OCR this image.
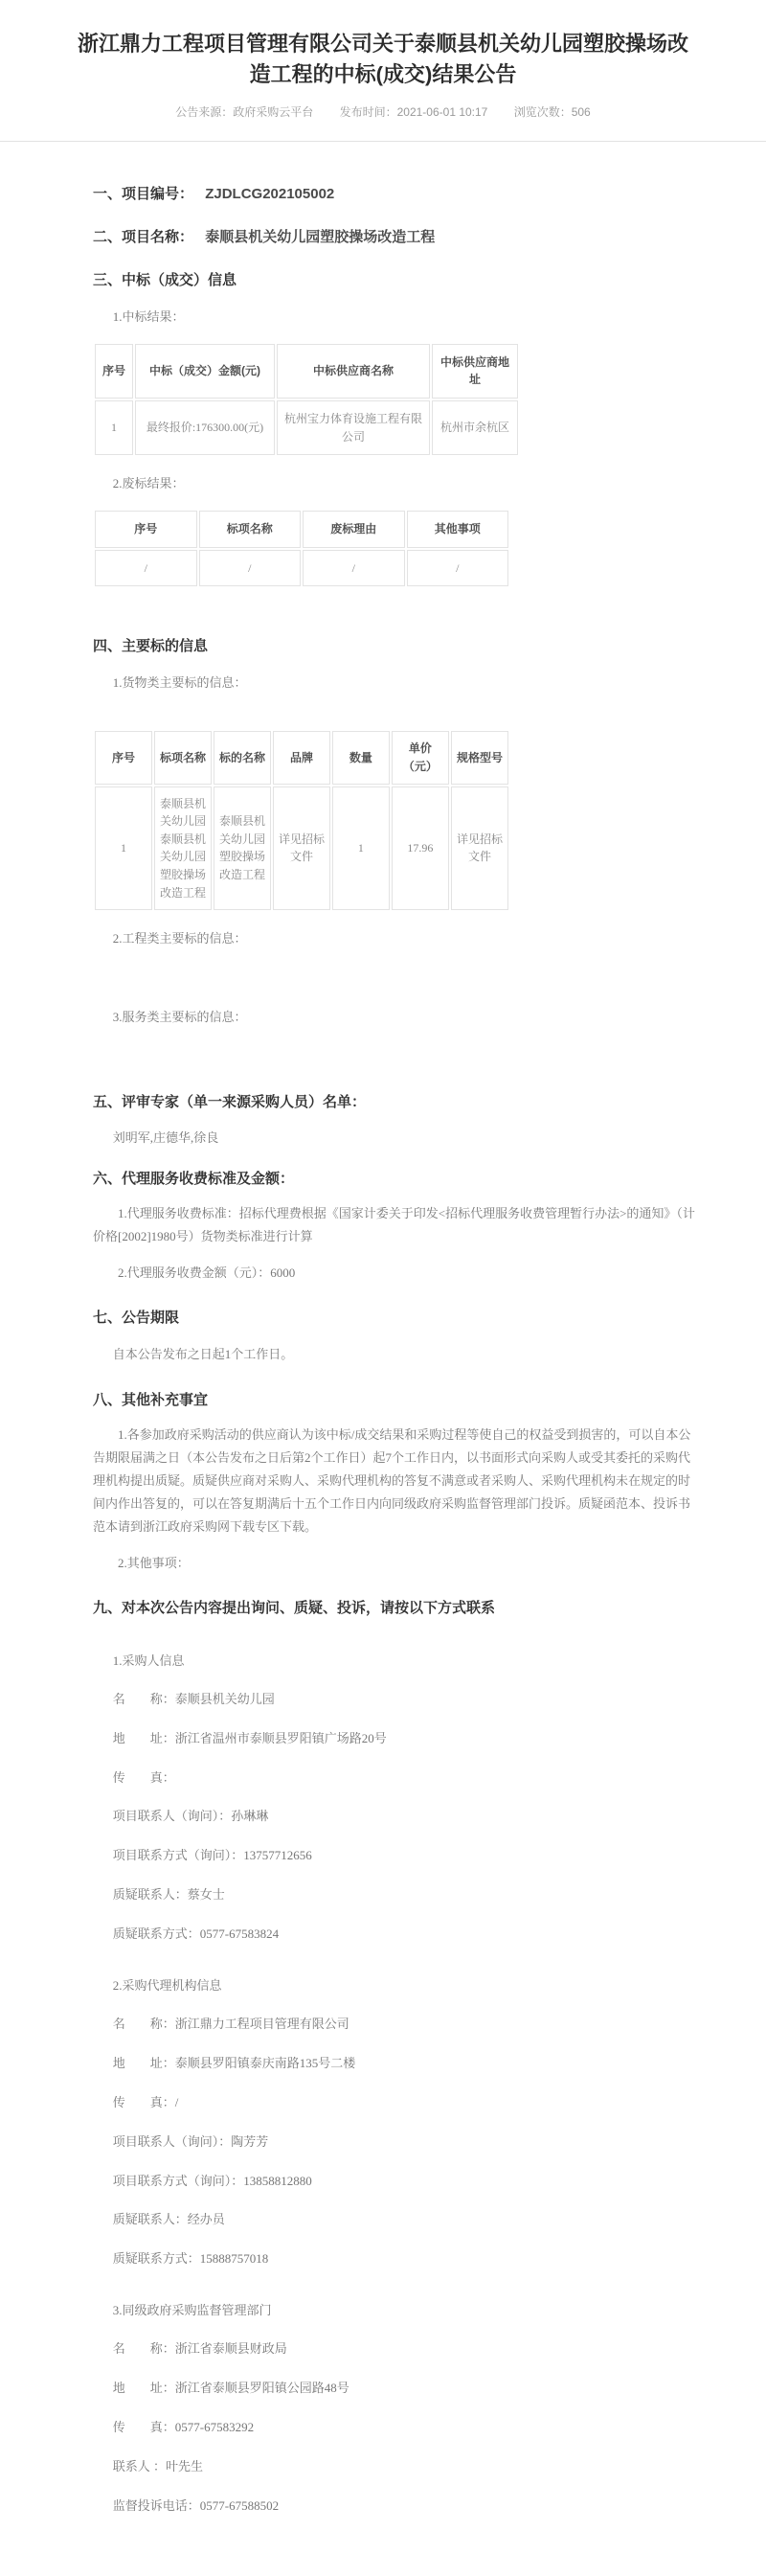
浙江鼎力工程项目管理有限公司关于泰顺县机关幼儿园塑胶操场改造工程的中标(成交)结果公告
公告来源：政府采购云平台 发布时间：2021-06-01 10:17 浏览次数：506
一、项目编号： ZJDLCG202105002
二、项目名称： 泰顺县机关幼儿园塑胶操场改造工程
三、中标（成交）信息
1.中标结果：
序号	中标（成交）金额(元)	中标供应商名称	中标供应商地址
1	最终报价:176300.00(元)	杭州宝力体育设施工程有限公司	杭州市余杭区
2.废标结果：
序号	标项名称	废标理由	其他事项
/	/	/	/
四、主要标的信息
1.货物类主要标的信息：
序号	标项名称	标的名称	品牌	数量	单价（元）	规格型号
1	泰顺县机关幼儿园泰顺县机关幼儿园塑胶操场改造工程	泰顺县机关幼儿园塑胶操场改造工程	详见招标文件	1	17.96	详见招标文件
2.工程类主要标的信息：
3.服务类主要标的信息：
五、评审专家（单一来源采购人员）名单：
刘明军,庄德华,徐良
六、代理服务收费标准及金额：
1.代理服务收费标准：招标代理费根据《国家计委关于印发<招标代理服务收费管理暂行办法>的通知》（计价格[2002]1980号）货物类标准进行计算
2.代理服务收费金额（元）：6000
七、公告期限
自本公告发布之日起1个工作日。
八、其他补充事宜
1.各参加政府采购活动的供应商认为该中标/成交结果和采购过程等使自己的权益受到损害的，可以自本公告期限届满之日（本公告发布之日后第2个工作日）起7个工作日内，以书面形式向采购人或受其委托的采购代理机构提出质疑。质疑供应商对采购人、采购代理机构的答复不满意或者采购人、采购代理机构未在规定的时间内作出答复的，可以在答复期满后十五个工作日内向同级政府采购监督管理部门投诉。质疑函范本、投诉书范本请到浙江政府采购网下载专区下载。
2.其他事项：
九、对本次公告内容提出询问、质疑、投诉，请按以下方式联系
1.采购人信息
名　　称：泰顺县机关幼儿园
地　　址：浙江省温州市泰顺县罗阳镇广场路20号
传　　真：
项目联系人（询问）：孙琳琳
项目联系方式（询问）：13757712656
质疑联系人：蔡女士
质疑联系方式：0577-67583824
2.采购代理机构信息
名　　称：浙江鼎力工程项目管理有限公司
地　　址：泰顺县罗阳镇泰庆南路135号二楼
传　　真：/
项目联系人（询问）：陶芳芳
项目联系方式（询问）：13858812880
质疑联系人：经办员
质疑联系方式：15888757018
3.同级政府采购监督管理部门
名　　称：浙江省泰顺县财政局
地　　址：浙江省泰顺县罗阳镇公园路48号
传　　真：0577-67583292
联系人 ：叶先生
监督投诉电话：0577-67588502
